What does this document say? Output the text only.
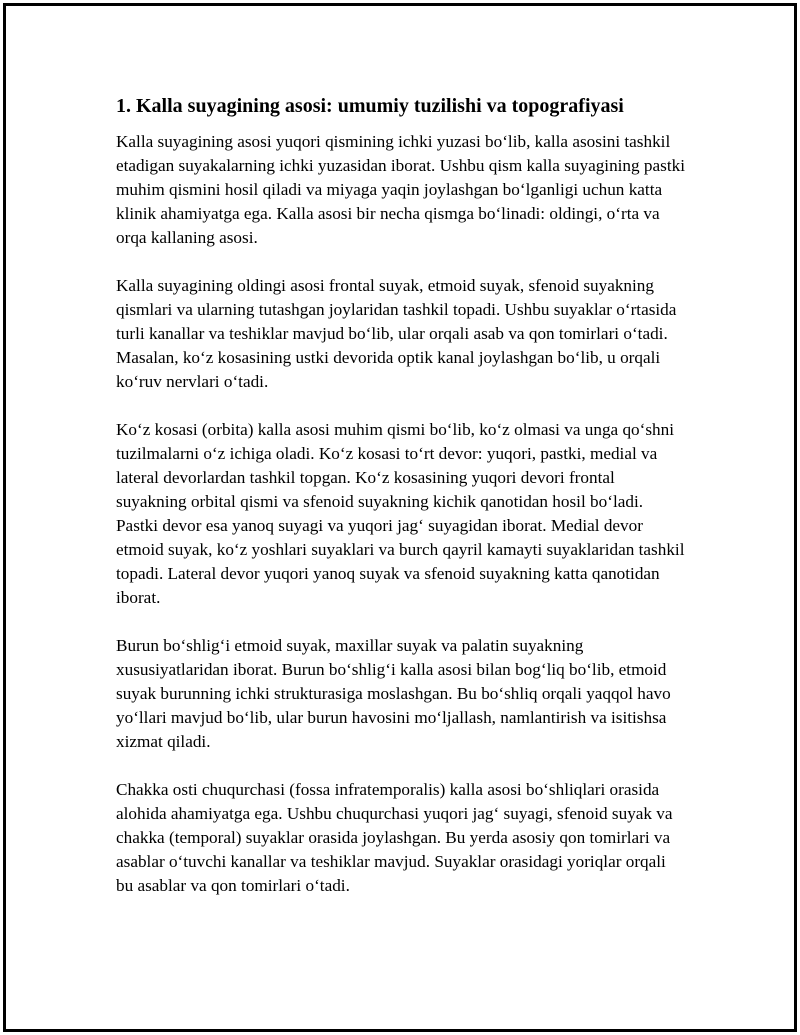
1. Kalla suyagining asosi: umumiy tuzilishi va topografiyasi

Kalla suyagining asosi yuqori qismining ichki yuzasi bo‘lib, kalla asosini tashkil etadigan suyakalarning ichki yuzasidan iborat. Ushbu qism kalla suyagining pastki muhim qismini hosil qiladi va miyaga yaqin joylashgan bo‘lganligi uchun katta klinik ahamiyatga ega. Kalla asosi bir necha qismga bo‘linadi: oldingi, o‘rta va orqa kallaning asosi.

Kalla suyagining oldingi asosi frontal suyak, etmoid suyak, sfenoid suyakning qismlari va ularning tutashgan joylaridan tashkil topadi. Ushbu suyaklar o‘rtasida turli kanallar va teshiklar mavjud bo‘lib, ular orqali asab va qon tomirlari o‘tadi. Masalan, ko‘z kosasining ustki devorida optik kanal joylashgan bo‘lib, u orqali ko‘ruv nervlari o‘tadi.

Ko‘z kosasi (orbita) kalla asosi muhim qismi bo‘lib, ko‘z olmasi va unga qo‘shni tuzilmalarni o‘z ichiga oladi. Ko‘z kosasi to‘rt devor: yuqori, pastki, medial va lateral devorlardan tashkil topgan. Ko‘z kosasining yuqori devori frontal suyakning orbital qismi va sfenoid suyakning kichik qanotidan hosil bo‘ladi. Pastki devor esa yanoq suyagi va yuqori jag‘ suyagidan iborat. Medial devor etmoid suyak, ko‘z yoshlari suyaklari va burch qayril kamayti suyaklaridan tashkil topadi. Lateral devor yuqori yanoq suyak va sfenoid suyakning katta qanotidan iborat.

Burun bo‘shlig‘i etmoid suyak, maxillar suyak va palatin suyakning xususiyatlaridan iborat. Burun bo‘shlig‘i kalla asosi bilan bog‘liq bo‘lib, etmoid suyak burunning ichki strukturasiga moslashgan. Bu bo‘shliq orqali yaqqol havo yo‘llari mavjud bo‘lib, ular burun havosini mo‘ljallash, namlantirish va isitishsa xizmat qiladi.

Chakka osti chuqurchasi (fossa infratemporalis) kalla asosi bo‘shliqlari orasida alohida ahamiyatga ega. Ushbu chuqurchasi yuqori jag‘ suyagi, sfenoid suyak va chakka (temporal) suyaklar orasida joylashgan. Bu yerda asosiy qon tomirlari va asablar o‘tuvchi kanallar va teshiklar mavjud. Suyaklar orasidagi yoriqlar orqali bu asablar va qon tomirlari o‘tadi.
